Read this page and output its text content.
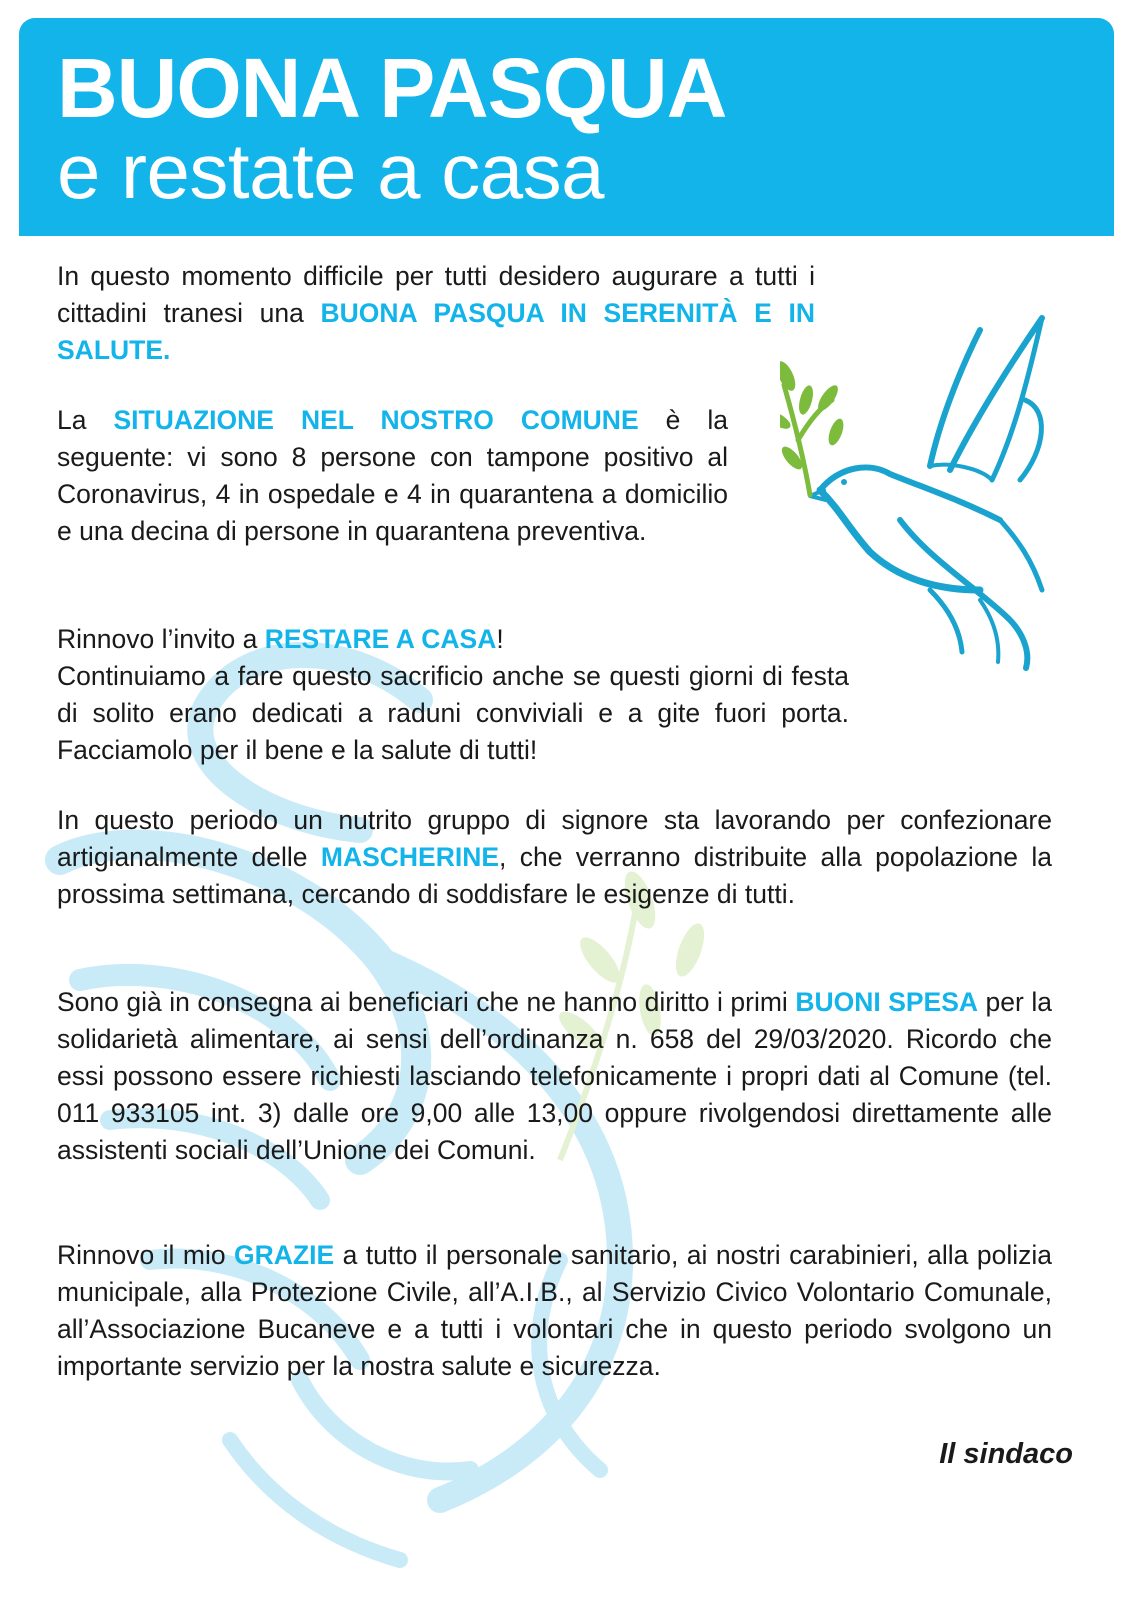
BUONA PASQUA
e restate a casa

In questo momento difficile per tutti desidero augurare a tutti i cittadini tranesi una BUONA PASQUA IN SERENITÀ E IN SALUTE.

La SITUAZIONE NEL NOSTRO COMUNE è la seguente: vi sono 8 persone con tampone positivo al Coronavirus, 4 in ospedale e 4 in quarantena a domicilio e una decina di persone in quarantena preventiva.

Rinnovo l’invito a RESTARE A CASA!
Continuiamo a fare questo sacrificio anche se questi giorni di festa di solito erano dedicati a raduni conviviali e a gite fuori porta. Facciamolo per il bene e la salute di tutti!

In questo periodo un nutrito gruppo di signore sta lavorando per confezionare artigianalmente delle MASCHERINE, che verranno distribuite alla popolazione la prossima settimana, cercando di soddisfare le esigenze di tutti.

Sono già in consegna ai beneficiari che ne hanno diritto i primi BUONI SPESA per la solidarietà alimentare, ai sensi dell’ordinanza n. 658 del 29/03/2020. Ricordo che essi possono essere richiesti lasciando telefonicamente i propri dati al Comune (tel. 011 933105 int. 3) dalle ore 9,00 alle 13,00 oppure rivolgendosi direttamente alle assistenti sociali dell’Unione dei Comuni.

Rinnovo il mio GRAZIE a tutto il personale sanitario, ai nostri carabinieri, alla polizia municipale, alla Protezione Civile, all’A.I.B., al Servizio Civico Volontario Comunale, all’Associazione Bucaneve e a tutti i volontari che in questo periodo svolgono un importante servizio per la nostra salute e sicurezza.

Il sindaco
